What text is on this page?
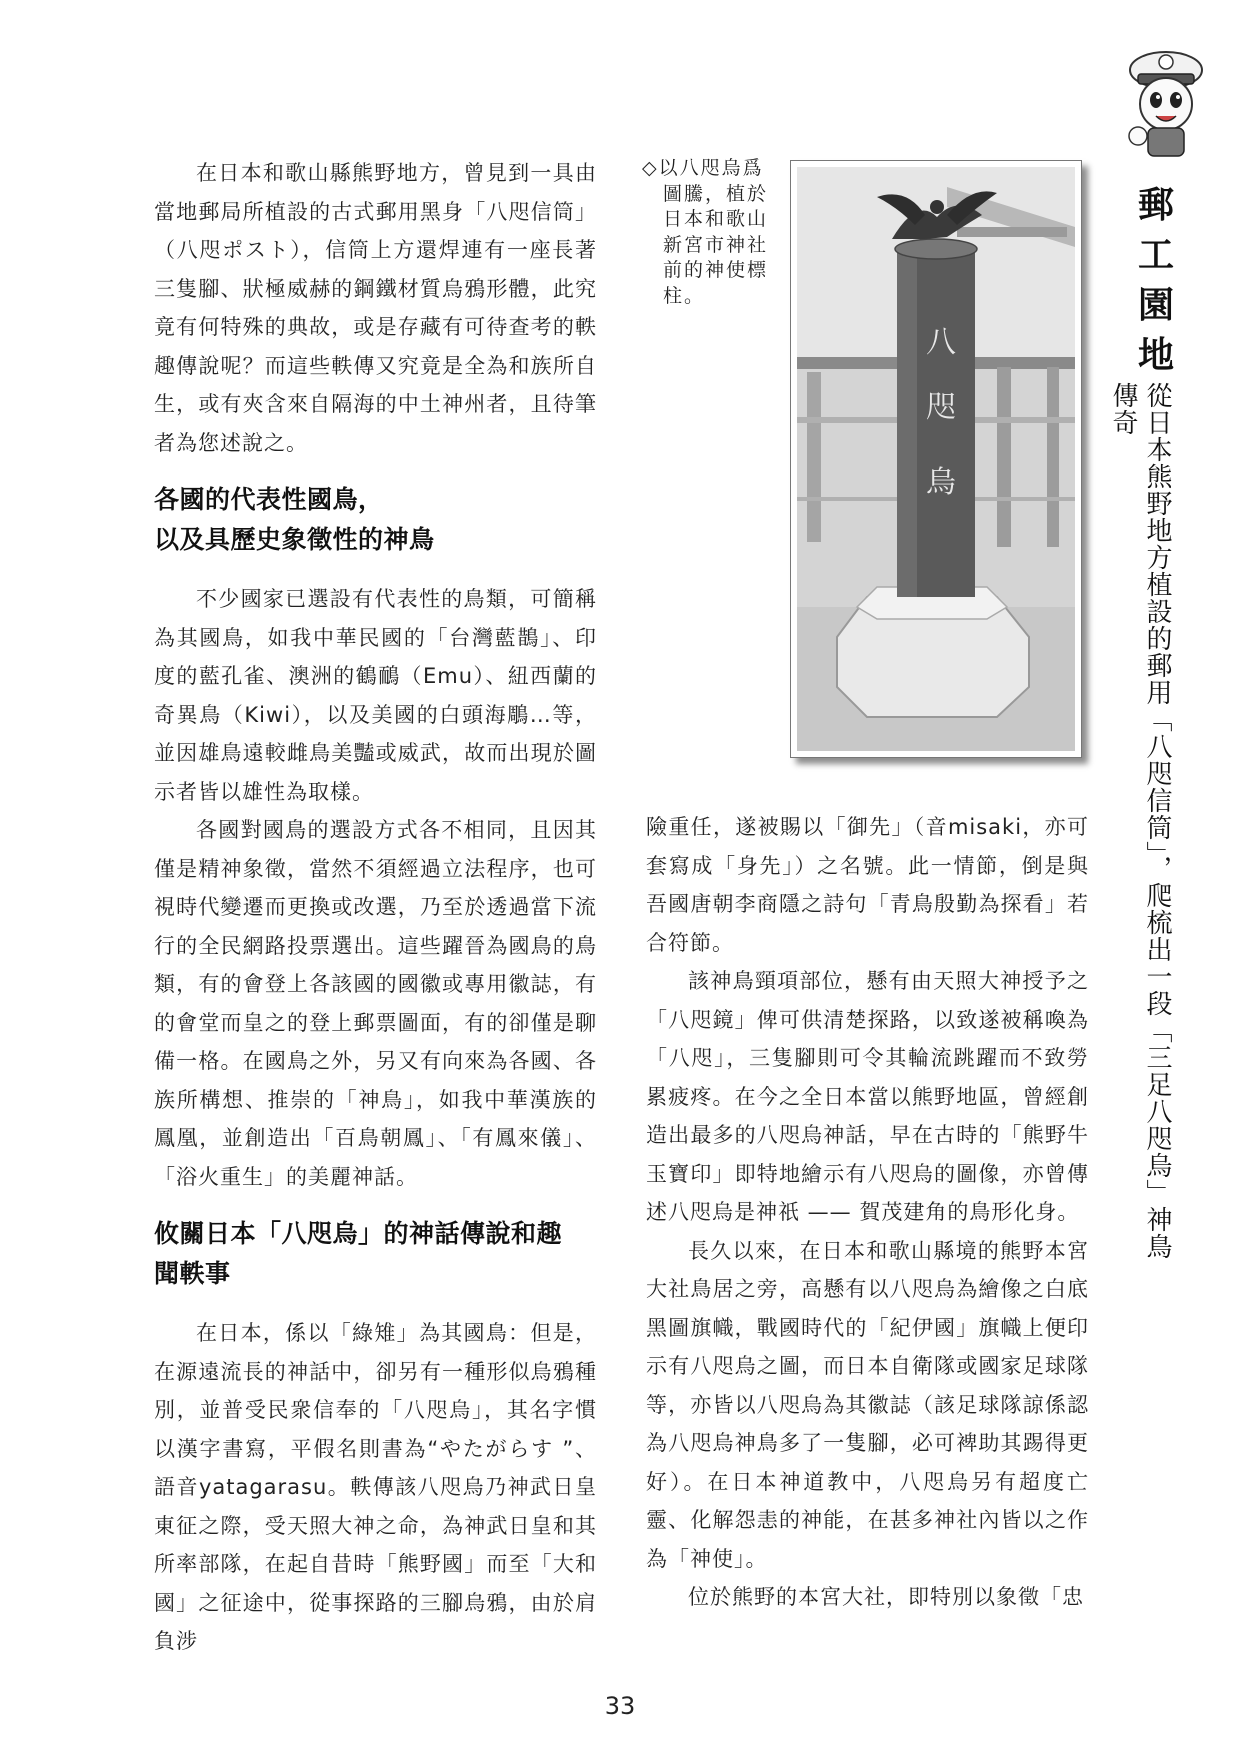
郵工園地
從日本熊野地方植設的郵用「八咫信筒」，爬梳出一段「三足八咫烏」神鳥傳奇

在日本和歌山縣熊野地方，曾見到一具由當地郵局所植設的古式郵用黑身「八咫信筒」（八咫ポスト），信筒上方還焊連有一座長著三隻腳、狀極威赫的鋼鐵材質烏鴉形體，此究竟有何特殊的典故，或是存藏有可待查考的軼趣傳說呢？而這些軼傳又究竟是全為和族所自生，或有夾含來自隔海的中土神州者，且待筆者為您述說之。

各國的代表性國鳥，
以及具歷史象徵性的神鳥

不少國家已選設有代表性的鳥類，可簡稱為其國鳥，如我中華民國的「台灣藍鵲」、印度的藍孔雀、澳洲的鶴鴯（Emu）、紐西蘭的奇異鳥（Kiwi），以及美國的白頭海鵰…等，並因雄鳥遠較雌鳥美豔或威武，故而出現於圖示者皆以雄性為取樣。

各國對國鳥的選設方式各不相同，且因其僅是精神象徵，當然不須經過立法程序，也可視時代變遷而更換或改選，乃至於透過當下流行的全民網路投票選出。這些躍晉為國鳥的鳥類，有的會登上各該國的國徽或專用徽誌，有的會堂而皇之的登上郵票圖面，有的卻僅是聊備一格。在國鳥之外，另又有向來為各國、各族所構想、推崇的「神鳥」，如我中華漢族的鳳凰，並創造出「百鳥朝鳳」、「有鳳來儀」、「浴火重生」的美麗神話。

攸關日本「八咫烏」的神話傳說和趣
聞軼事

在日本，係以「綠雉」為其國鳥：但是，在源遠流長的神話中，卻另有一種形似烏鴉種別，並普受民衆信奉的「八咫烏」，其名字慣以漢字書寫，平假名則書為“やたがらす ”、語音yatagarasu。軼傳該八咫烏乃神武日皇東征之際，受天照大神之命，為神武日皇和其所率部隊，在起自昔時「熊野國」而至「大和國」之征途中，從事探路的三腳烏鴉，由於肩負涉

◇以八咫烏爲
　圖騰，植於
　日本和歌山
　新宮市神社
　前的神使標
　柱。
八
咫
烏

險重任，遂被賜以「御先」（音misaki，亦可套寫成「身先」）之名號。此一情節，倒是與吾國唐朝李商隱之詩句「青鳥殷勤為探看」若合符節。

該神鳥頸項部位，懸有由天照大神授予之「八咫鏡」俾可供清楚探路，以致遂被稱喚為「八咫」，三隻腳則可令其輪流跳躍而不致勞累疲疼。在今之全日本當以熊野地區，曾經創造出最多的八咫烏神話，早在古時的「熊野牛玉寶印」即特地繪示有八咫烏的圖像，亦曾傳述八咫烏是神祇 —— 賀茂建角的鳥形化身。

長久以來，在日本和歌山縣境的熊野本宮大社鳥居之旁，高懸有以八咫烏為繪像之白底黑圖旗幟，戰國時代的「紀伊國」旗幟上便印示有八咫烏之圖，而日本自衛隊或國家足球隊等，亦皆以八咫烏為其徽誌（該足球隊諒係認為八咫烏神鳥多了一隻腳，必可裨助其踢得更好）。在日本神道教中，八咫烏另有超度亡靈、化解怨恚的神能，在甚多神社內皆以之作為「神使」。

位於熊野的本宮大社，即特別以象徵「忠

33
